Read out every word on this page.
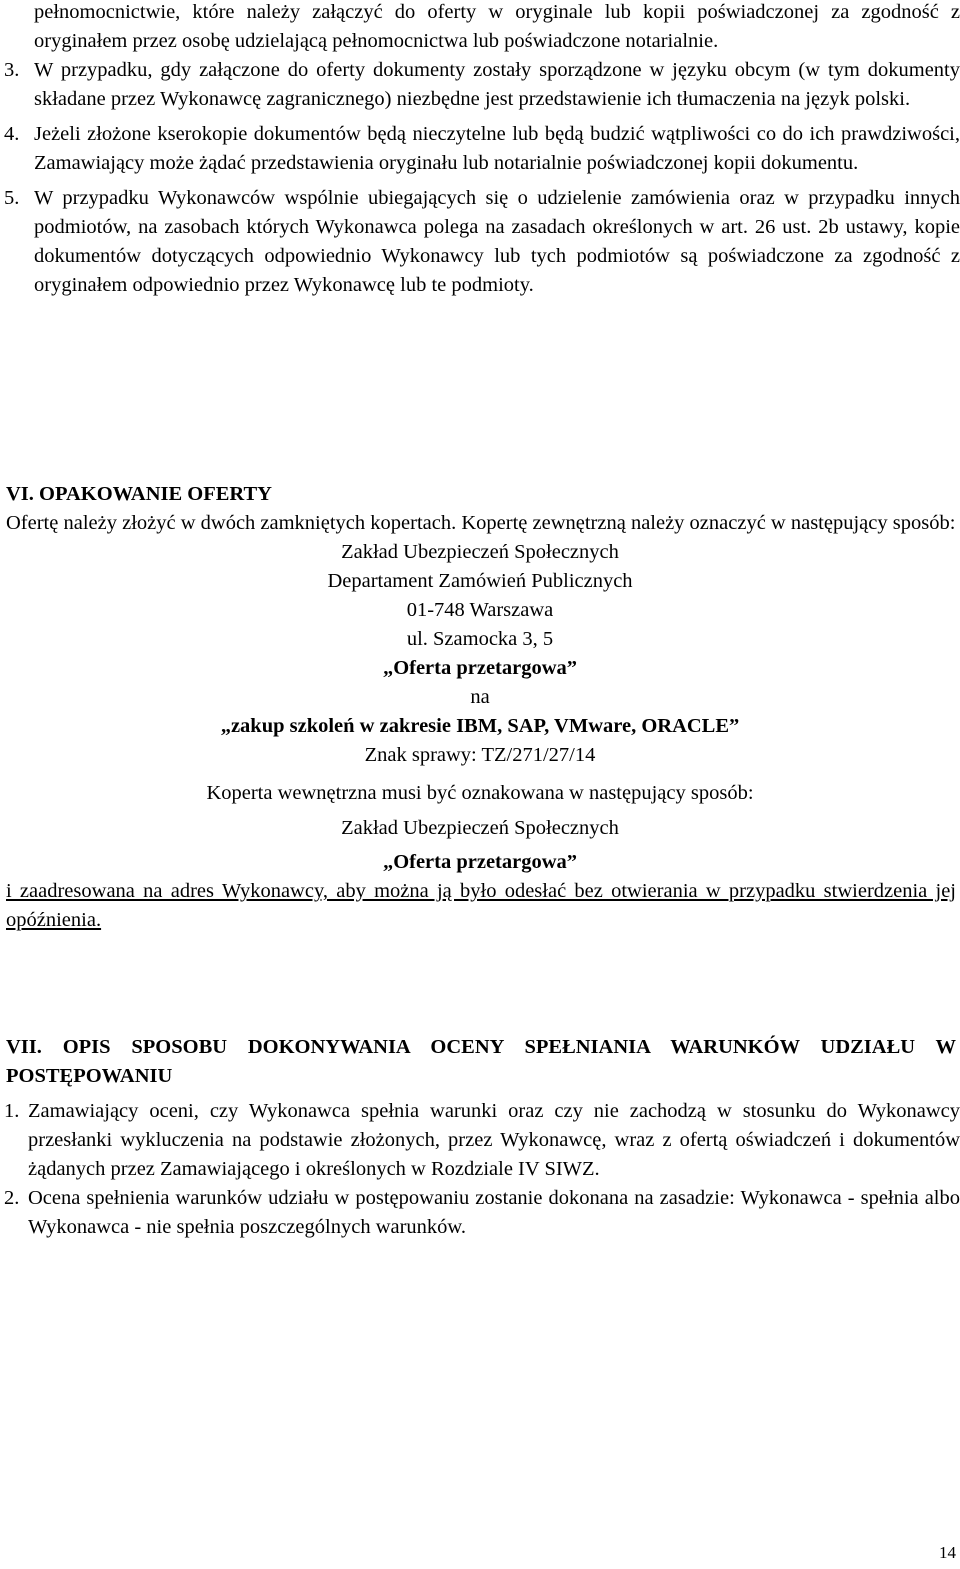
pełnomocnictwie, które należy załączyć do oferty w oryginale lub kopii poświadczonej za zgodność z oryginałem przez osobę udzielającą pełnomocnictwa lub poświadczone notarialnie.

3. W przypadku, gdy załączone do oferty dokumenty zostały sporządzone w języku obcym (w tym dokumenty składane przez Wykonawcę zagranicznego) niezbędne jest przedstawienie ich tłumaczenia na język polski.
4. Jeżeli złożone kserokopie dokumentów będą nieczytelne lub będą budzić wątpliwości co do ich prawdziwości, Zamawiający może żądać przedstawienia oryginału lub notarialnie poświadczonej kopii dokumentu.
5. W przypadku Wykonawców wspólnie ubiegających się o udzielenie zamówienia oraz w przypadku innych podmiotów, na zasobach których Wykonawca polega na zasadach określonych w art. 26 ust. 2b ustawy, kopie dokumentów dotyczących odpowiednio Wykonawcy lub tych podmiotów są poświadczone za zgodność z oryginałem odpowiednio przez Wykonawcę lub te podmioty.

VI. OPAKOWANIE OFERTY

Ofertę należy złożyć w dwóch zamkniętych kopertach. Kopertę zewnętrzną należy oznaczyć w następujący sposób:

Zakład Ubezpieczeń Społecznych

Departament Zamówień Publicznych

01-748 Warszawa

ul. Szamocka 3, 5

„Oferta przetargowa”

na

„zakup szkoleń w zakresie IBM, SAP, VMware, ORACLE”

Znak sprawy: TZ/271/27/14

Koperta wewnętrzna musi być oznakowana w następujący sposób:

Zakład Ubezpieczeń Społecznych

„Oferta przetargowa”

i zaadresowana na adres Wykonawcy, aby można ją było odesłać bez otwierania w przypadku stwierdzenia jej opóźnienia.

VII. OPIS SPOSOBU DOKONYWANIA OCENY SPEŁNIANIA WARUNKÓW UDZIAŁU W POSTĘPOWANIU

1. Zamawiający oceni, czy Wykonawca spełnia warunki oraz czy nie zachodzą w stosunku do Wykonawcy przesłanki wykluczenia na podstawie złożonych, przez Wykonawcę, wraz z ofertą oświadczeń i dokumentów żądanych przez Zamawiającego i określonych w Rozdziale IV SIWZ.
2. Ocena spełnienia warunków udziału w postępowaniu zostanie dokonana na zasadzie: Wykonawca - spełnia albo Wykonawca - nie spełnia poszczególnych warunków.
14
